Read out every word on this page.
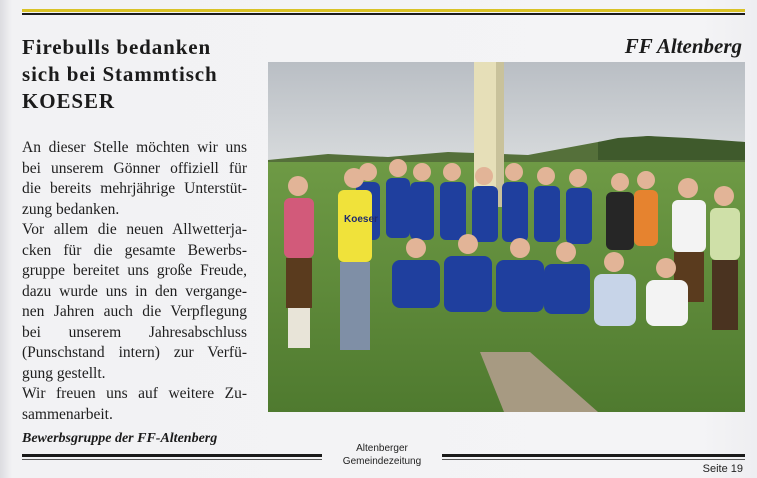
Firebulls bedanken
sich bei Stammtisch
KOESER
FF Altenberg
An dieser Stelle möchten wir uns
bei unserem Gönner offiziell für
die bereits mehrjährige Unterstüt-
zung bedanken.
Vor allem die neuen Allwetterja-
cken für die gesamte Bewerbs-
gruppe bereitet uns große Freude,
dazu wurde uns in den vergange-
nen Jahren auch die Verpflegung
bei unserem Jahresabschluss
(Punschstand intern) zur Verfü-
gung gestellt.
Wir freuen uns auf weitere Zu-
sammenarbeit.
Bewerbsgruppe der FF-Altenberg
Koeser
Altenberger
Gemeindezeitung
Seite 19
